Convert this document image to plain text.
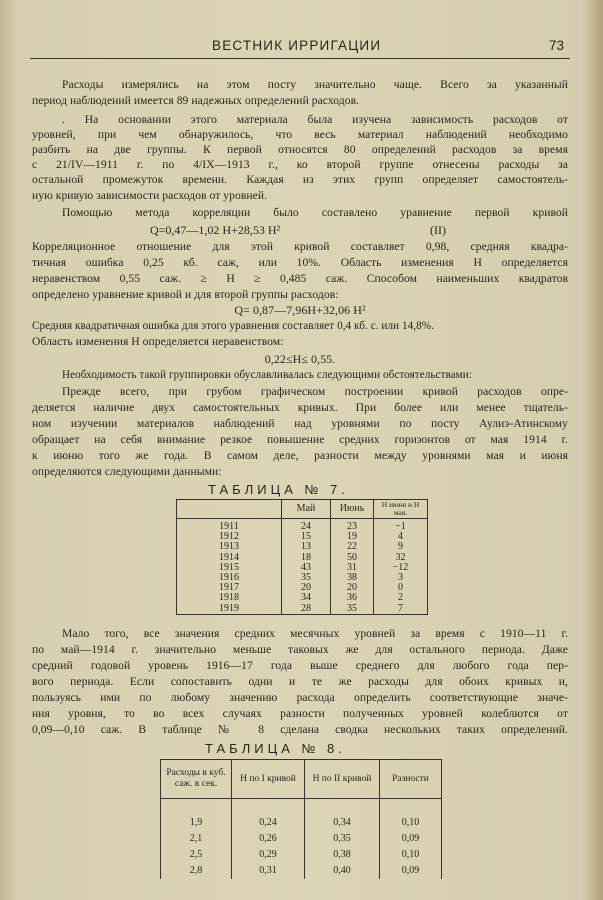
ВЕСТНИК ИРРИГАЦИИ	73
Расходы измерялись на этом посту значительно чаще. Всего за указанный
период наблюдений имеется 89 надежных определений расходов.
. На основании этого материала была изучена зависимость расходов от
уровней, при чем обнаружилось, что весь материал наблюдений необходимо
разбить на две группы. К первой относятся 80 определений расходов за время
с 21/IV—1911 г. по 4/IX—1913 г., ко второй группе отнесены расходы за
остальной промежуток времени. Каждая из этих групп определяет самостоятель-
ную кривую зависимости расходов от уровней.
Помощью метода корреляции было составлено уравнение первой кривой
Q=0,47—1,02 H+28,53 H²	(II)
Корреляционное отношение для этой кривой составляет 0,98, средняя квадра-
тичная ошибка 0,25 кб. саж, или 10%. Область изменения H определяется
неравенством 0,55 саж. ≥ H ≥ 0,485 саж. Способом наименьших квадратов
определено уравнение кривой и для второй группы расходов:
Q= 0,87—7,96H+32,06 H²
Средняя квадратичная ошибка для этого уравнения составляет 0,4 кб. с. или 14,8%.
Область изменения H определяется неравенством:
0,22≤H≤ 0,55.
Необходимость такой группировки обуславливалась следующими обстоятельствами:
Прежде всего, при грубом графическом построении кривой расходов опре-
деляется наличие двух самостоятельных кривых. При более или менее тщатель-
ном изучении материалов наблюдений над уровнями по посту Аулиэ-Атинскому
обращает на себя внимание резкое повышение средних горизонтов от мая 1914 г.
к июню того же года. В самом деле, разности между уровнями мая и июня
определяются следующими данными:
ТАБЛИЦА № 7.
	Май	Июнь	H июня и H мая.
1911	24	23	−1
1912	15	19	4
1913	13	22	9
1914	18	50	32
1915	43	31	−12
1916	35	38	3
1917	20	20	0
1918	34	36	2
1919	28	35	7
Мало того, все значения средних месячных уровней за время с 1910—11 г.
по май—1914 г. значительно меньше таковых же для остального периода. Даже
средний годовой уровень 1916—17 года выше среднего для любого года пер-
вого периода. Если сопоставить одни и те же расходы для обоих кривых и,
пользуясь ими по любому значению расхода определить соответствующие значе-
ния уровня, то во всех случаях разности полученных уровней колеблются от
0,09—0,10 саж. В таблице № 8 сделана сводка нескольких таких определений.
ТАБЛИЦА № 8.
Расходы в куб. саж. в сек.	H по I кривой	H по II кривой	Разности

1,9	0,24	0,34	0,10
2,1	0,26	0,35	0,09
2,5	0,29	0,38	0,10
2,8	0,31	0,40	0,09
